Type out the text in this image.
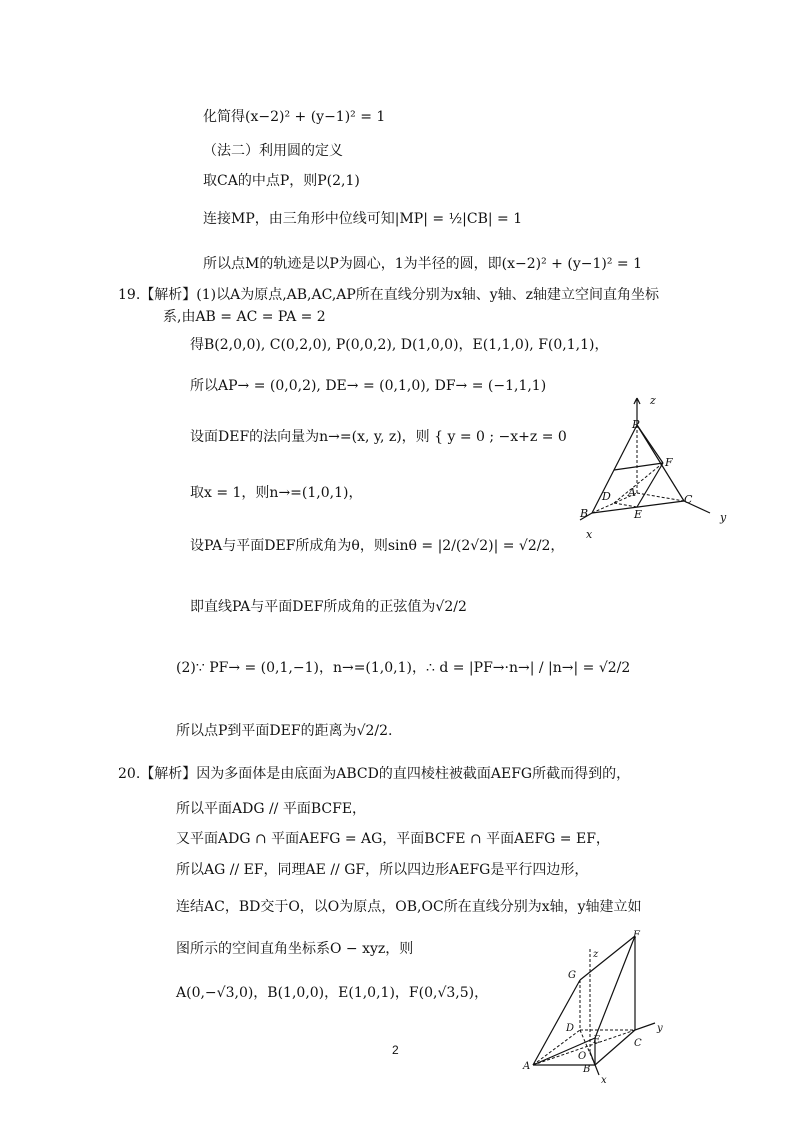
化简得(x−2)² + (y−1)² = 1
（法二）利用圆的定义
取CA的中点P，则P(2,1)
连接MP，由三角形中位线可知|MP| = ½|CB| = 1
所以点M的轨迹是以P为圆心，1为半径的圆，即(x−2)² + (y−1)² = 1
19.【解析】(1)以A为原点,AB,AC,AP所在直线分别为x轴、y轴、z轴建立空间直角坐标
系,由AB = AC = PA = 2
得B(2,0,0), C(0,2,0), P(0,0,2), D(1,0,0)，E(1,1,0), F(0,1,1)，
所以AP→ = (0,0,2), DE→ = (0,1,0), DF→ = (−1,1,1)
设面DEF的法向量为n→=(x, y, z)，则 { y = 0 ; −x+z = 0
取x = 1，则n→=(1,0,1)，
设PA与平面DEF所成角为θ，则sinθ = |2/(2√2)| = √2/2，
即直线PA与平面DEF所成角的正弦值为√2/2
(2)∵ PF→ = (0,1,−1)，n→=(1,0,1)，∴ d = |PF→·n→| / |n→| = √2/2
所以点P到平面DEF的距离为√2/2.
20.【解析】因为多面体是由底面为ABCD的直四棱柱被截面AEFG所截而得到的，
所以平面ADG // 平面BCFE，
又平面ADG ∩ 平面AEFG = AG，平面BCFE ∩ 平面AEFG = EF，
所以AG // EF，同理AE // GF，所以四边形AEFG是平行四边形，
连结AC，BD交于O，以O为原点，OB,OC所在直线分别为x轴，y轴建立如
图所示的空间直角坐标系O − xyz，则
A(0,−√3,0)，B(1,0,0)，E(1,0,1)，F(0,√3,5)，
z
P
F
D A
C
B	E	y
x
z
F
G
D
E
O
y
C
A	B
x
2
